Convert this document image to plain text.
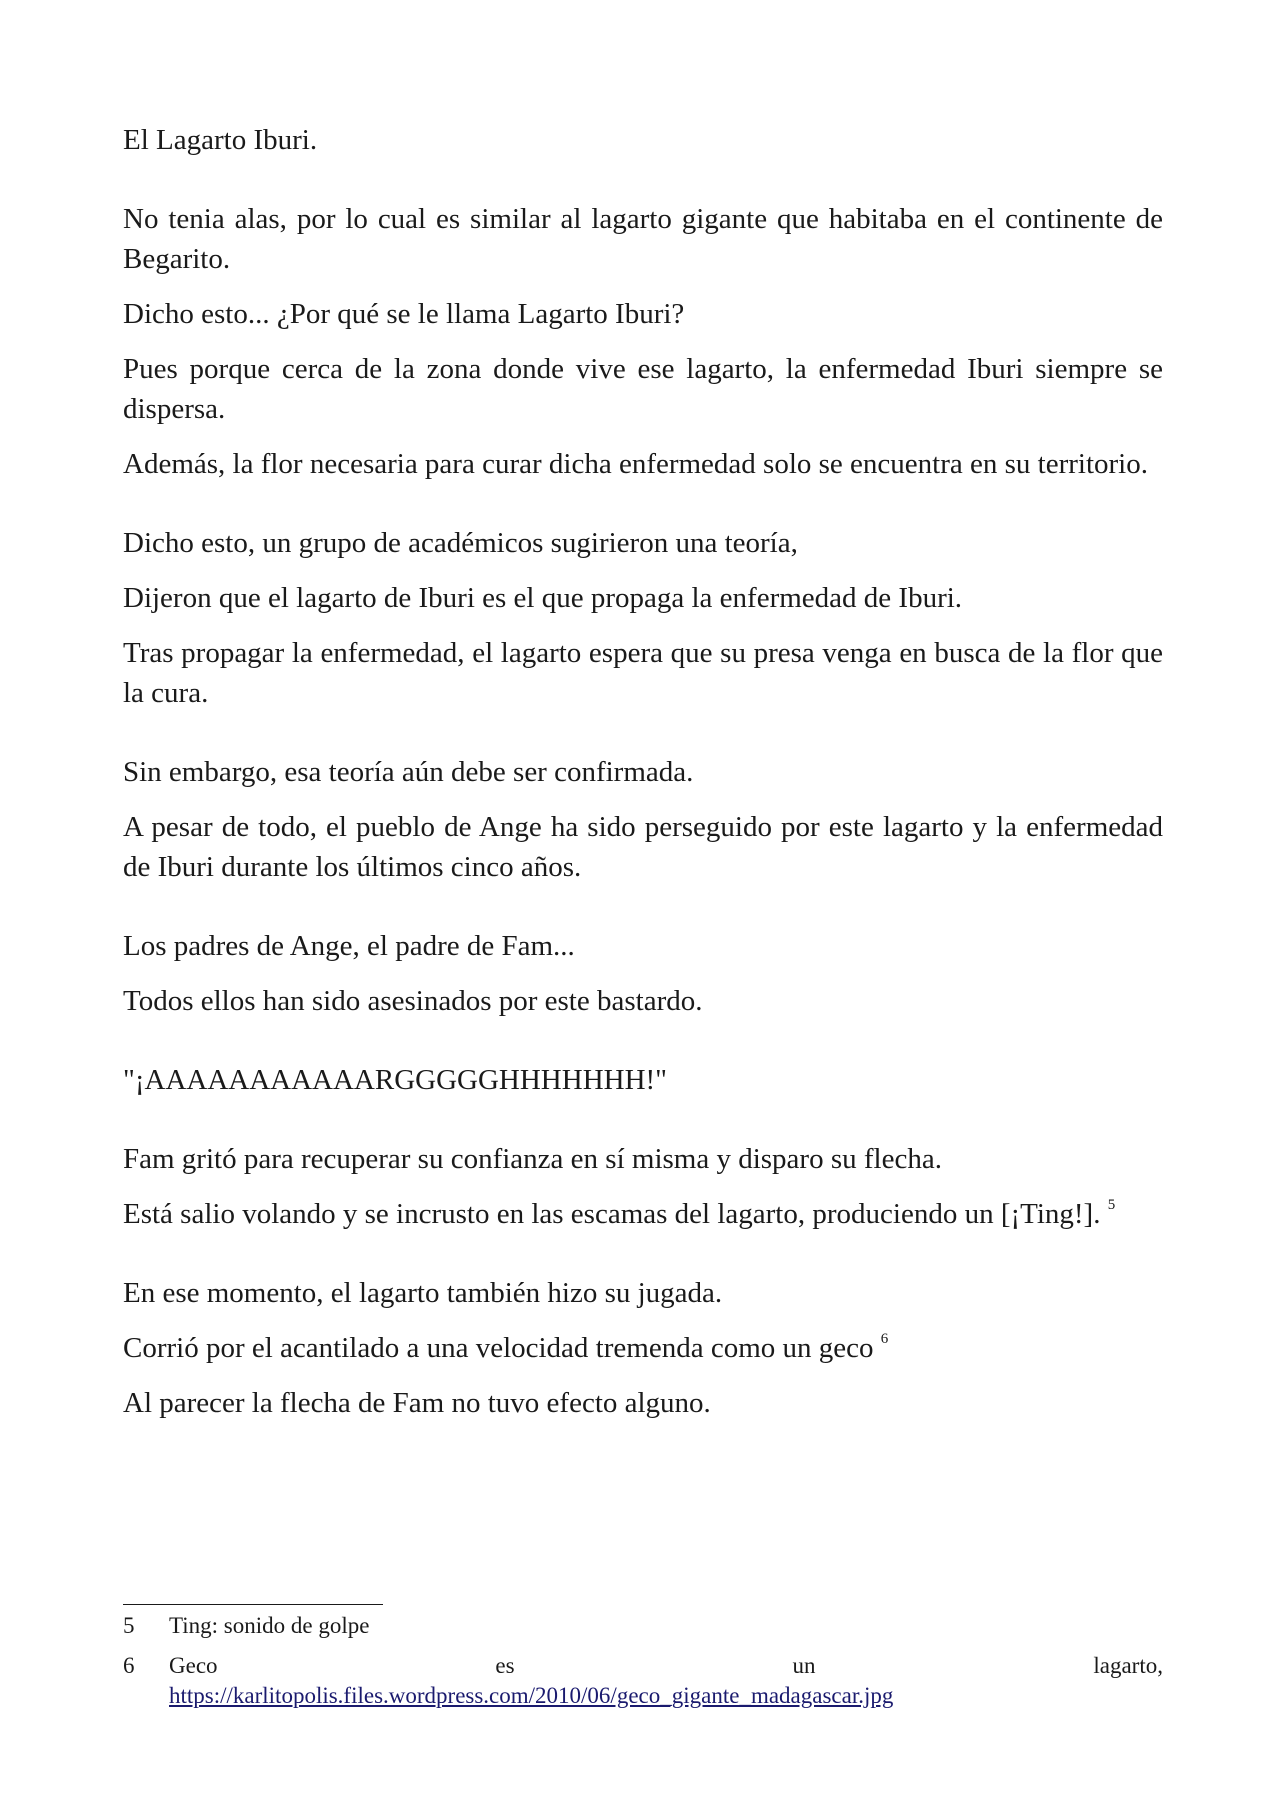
El Lagarto Iburi.

No tenia alas, por lo cual es similar al lagarto gigante que habitaba en el continente de Begarito.

Dicho esto... ¿Por qué se le llama Lagarto Iburi?

Pues porque cerca de la zona donde vive ese lagarto, la enfermedad Iburi siempre se dispersa.

Además, la flor necesaria para curar dicha enfermedad solo se encuentra en su territorio.

Dicho esto, un grupo de académicos sugirieron una teoría,

Dijeron que el lagarto de Iburi es el que propaga la enfermedad de Iburi.

Tras propagar la enfermedad, el lagarto espera que su presa venga en busca de la flor que la cura.

Sin embargo, esa teoría aún debe ser confirmada.

A pesar de todo, el pueblo de Ange ha sido perseguido por este lagarto y la enfermedad de Iburi durante los últimos cinco años.

Los padres de Ange, el padre de Fam...

Todos ellos han sido asesinados por este bastardo.

"¡AAAAAAAAAAARGGGGGHHHHHHH!"

Fam gritó para recuperar su confianza en sí misma y disparo su flecha.

Está salio volando y se incrusto en las escamas del lagarto, produciendo un [¡Ting!]. $^5$

En ese momento, el lagarto también hizo su jugada.

Corrió por el acantilado a una velocidad tremenda como un geco $^6$

Al parecer la flecha de Fam no tuvo efecto alguno.

5	Ting: sonido de golpe
6	Geco	es	un	lagarto,
https://karlitopolis.files.wordpress.com/2010/06/geco_gigante_madagascar.jpg
